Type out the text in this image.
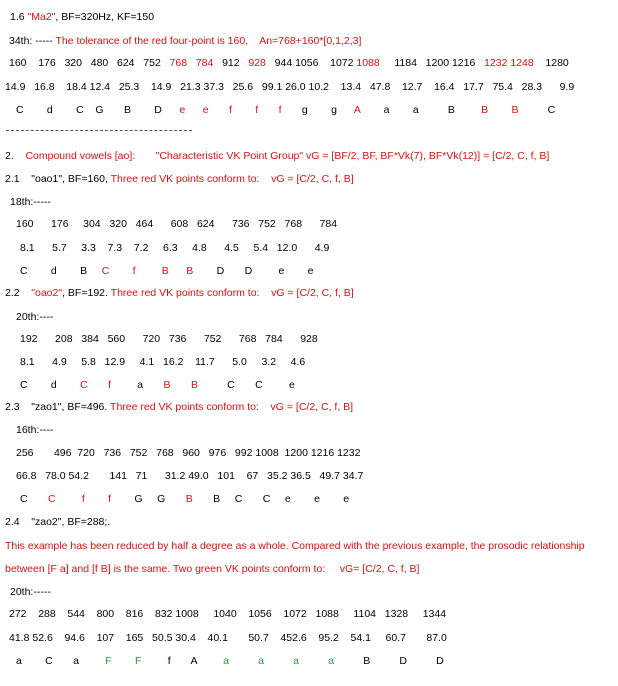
1.6 "Ma2", BF=320Hz, KF=150
34th: ----- The tolerance of the red four-point is 160,    An=768+160*[0,1,2,3]
160    176   320   480   624   752   768   784   912   928   944 1056    1072 1088     1184   1200 1216   1232 1248    1280
14.9   16.8    18.4 12.4   25.3    14.9   21.3 37.3   25.6   99.1 26.0 10.2    13.4   47.8    12.7    16.4   17.7   75.4   28.3      9.9
C        d        C    G       B        D      e      e       f        f       f       g        g      A        a        a          B         B        B          C
2.    Compound vowels [ao]:       "Characteristic VK Point Group" vG = [BF/2, BF, BF*Vk(7), BF*Vk(12)] = [C/2, C, f, B]
2.1    "oao1", BF=160, Three red VK points conform to:    vG = [C/2, C, f, B]
18th:-----
160      176     304   320   464      608   624      736   752   768      784
8.1      5.7     3.3    7.3    7.2     6.3     4.8      4.5     5.4   12.0      4.9
C        d        B     C        f         B      B        D       D         e        e
2.2    "oao2", BF=192. Three red VK points conform to:    vG = [C/2, C, f, B]
20th:----
192      208   384   560      720   736      752      768   784      928
8.1      4.9     5.8   12.9     4.1   16.2    11.7      5.0     3.2     4.6
C        d        C       f         a       B       B          C       C         e
2.3    "zao1", BF=496. Three red VK points conform to:    vG = [C/2, C, f, B]
16th:----
256       496  720   736   752   768   960   976   992 1008  1200 1216 1232
66.8   78.0 54.2       141   71      31.2 49.0   101    67   35.2 36.5   49.7 34.7
C       C         f        f        G     G       B       B     C       C     e        e        e
2.4    "zao2", BF=288;.
This example has been reduced by half a degree as a whole. Compared with the previous example, the prosodic relationship
between [F a] and [f B] is the same. Two green VK points conform to:     vG= [C/2, C, f, B]
20th:-----
272    288    544    800    816    832 1008     1040    1056    1072   1088     1104   1328     1344
41.8 52.6    94.6    107    165   50.5 30.4    40.1       50.7    452.6    95.2    54.1     60.7       87.0
a        C       a         F        F         f       A         a          a          a          a          B          D          D
